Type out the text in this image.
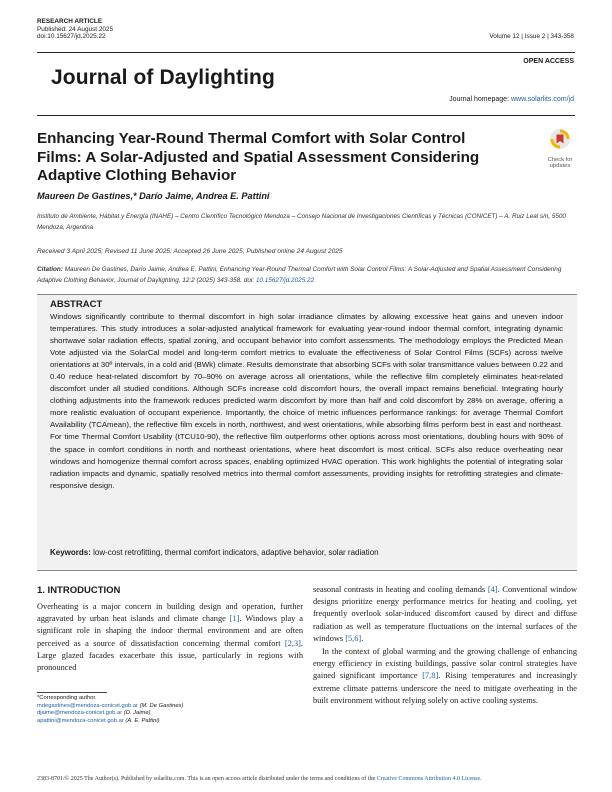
RESEARCH ARTICLE
Published: 24 August 2025
doi:10.15627/jd.2025.22	Volume 12 | Issue 2 | 343-358
Journal of Daylighting
OPEN ACCESS
Journal homepage: www.solarlits.com/jd
Enhancing Year-Round Thermal Comfort with Solar Control Films: A Solar-Adjusted and Spatial Assessment Considering Adaptive Clothing Behavior
Check for
updates
Maureen De Gastines,* Darío Jaime, Andrea E. Pattini
Instituto de Ambiente, Hábitat y Energía (INAHE) – Centro Científico Tecnológico Mendoza – Consejo Nacional de Investigaciones Científicas y Técnicas (CONICET) – A. Ruiz Leal s/n, 5500 Mendoza, Argentina
Received 3 April 2025; Revised 11 June 2025; Accepted 26 June 2025; Published online 24 August 2025
Citation: Maureen De Gastines, Darío Jaime, Andrea E. Pattini, Enhancing Year-Round Thermal Comfort with Solar Control Films: A Solar-Adjusted and Spatial Assessment Considering Adaptive Clothing Behavior, Journal of Daylighting, 12:2 (2025) 343-358. doi: 10.15627/jd.2025.22
ABSTRACT
Windows significantly contribute to thermal discomfort in high solar irradiance climates by allowing excessive heat gains and uneven indoor temperatures. This study introduces a solar-adjusted analytical framework for evaluating year-round indoor thermal comfort, integrating dynamic shortwave solar radiation effects, spatial zoning, and occupant behavior into comfort assessments. The methodology employs the Predicted Mean Vote adjusted via the SolarCal model and long-term comfort metrics to evaluate the effectiveness of Solar Control Films (SCFs) across twelve orientations at 30º intervals, in a cold arid (BWk) climate. Results demonstrate that absorbing SCFs with solar transmittance values between 0.22 and 0.40 reduce heat-related discomfort by 70–90% on average across all orientations, while the reflective film completely eliminates heat-related discomfort under all studied conditions. Although SCFs increase cold discomfort hours, the overall impact remains beneficial. Integrating hourly clothing adjustments into the framework reduces predicted warm discomfort by more than half and cold discomfort by 28% on average, offering a more realistic evaluation of occupant experience. Importantly, the choice of metric influences performance rankings: for average Thermal Comfort Availability (TCAmean), the reflective film excels in north, northwest, and west orientations, while absorbing films perform best in east and northeast. For time Thermal Comfort Usability (tTCU10-90), the reflective film outperforms other options across most orientations, doubling hours with 90% of the space in comfort conditions in north and northeast orientations, where heat discomfort is most critical. SCFs also reduce overheating near windows and homogenize thermal comfort across spaces, enabling optimized HVAC operation. This work highlights the potential of integrating solar radiation impacts and dynamic, spatially resolved metrics into thermal comfort assessments, providing insights for retrofitting strategies and climate-responsive design.
Keywords: low-cost retrofitting, thermal comfort indicators, adaptive behavior, solar radiation
1. INTRODUCTION
Overheating is a major concern in building design and operation, further aggravated by urban heat islands and climate change [1]. Windows play a significant role in shaping the indoor thermal environment and are often perceived as a source of dissatisfaction concerning thermal comfort [2,3]. Large glazed facades exacerbate this issue, particularly in regions with pronounced
seasonal contrasts in heating and cooling demands [4]. Conventional window designs prioritize energy performance metrics for heating and cooling, yet frequently overlook solar-induced discomfort caused by direct and diffuse radiation as well as temperature fluctuations on the internal surfaces of the windows [5,6].
In the context of global warming and the growing challenge of enhancing energy efficiency in existing buildings, passive solar control strategies have gained significant importance [7,8]. Rising temperatures and increasingly extreme climate patterns underscore the need to mitigate overheating in the built environment without relying solely on active cooling systems.
*Corresponding author.
mdegastines@mendoza-conicet.gob.ar (M. De Gastines)
djaime@mendoza-conicet.gob.ar (D. Jaime)
apattini@mendoza-conicet.gob.ar (A. E. Pattini)
2383-8701/© 2025 The Author(s). Published by solarlits.com. This is an open access article distributed under the terms and conditions of the Creative Commons Attribution 4.0 License.
